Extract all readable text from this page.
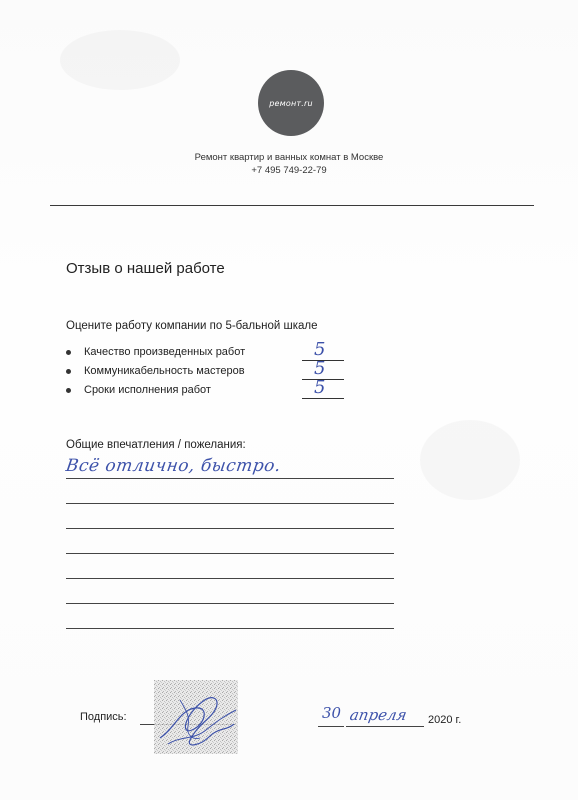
ремонт.ru
Ремонт квартир и ванных комнат в Москве
+7 495 749-22-79
Отзыв о нашей работе
Оцените работу компании по 5-бальной шкале
Качество произведенных работ	5
Коммуникабельность мастеров	5
Сроки исполнения работ	5
Общие впечатления / пожелания:
Всё отлично, быстро.
Подпись:	30 апреля 2020 г.
